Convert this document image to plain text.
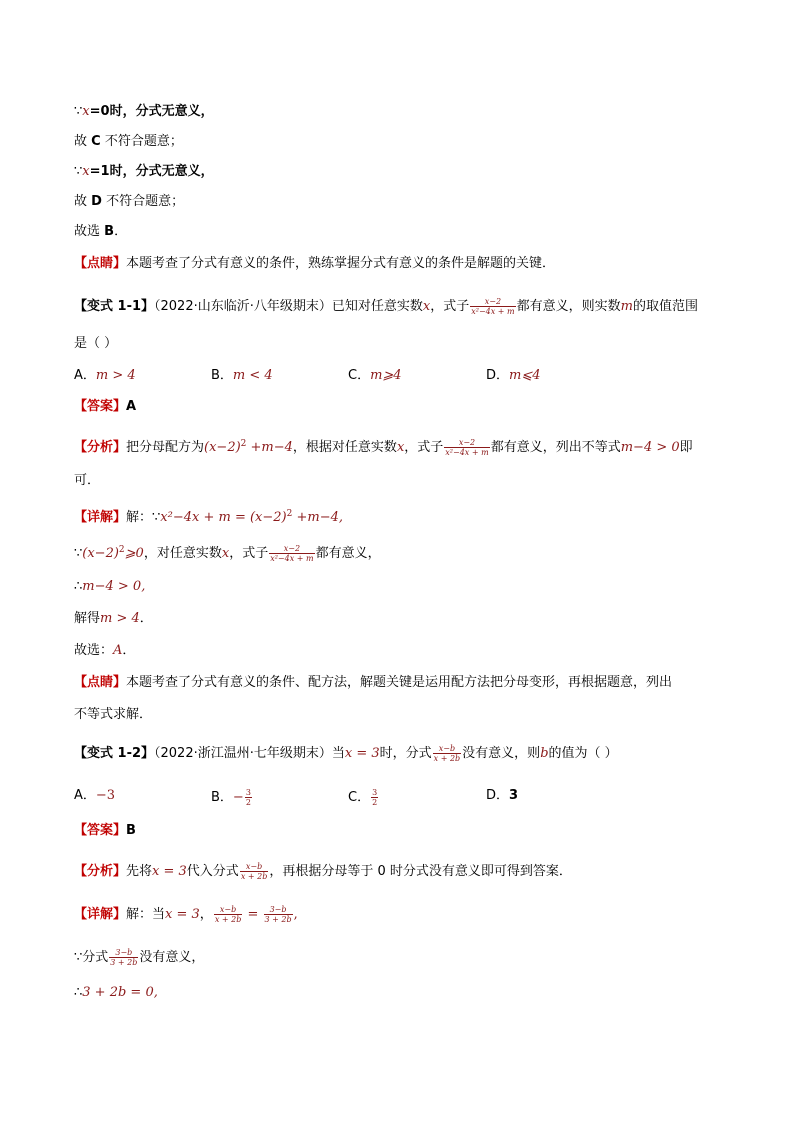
∵x=0时，分式无意义，
故 C 不符合题意；
∵x=1时，分式无意义，
故 D 不符合题意；
故选 B．
【点睛】本题考查了分式有意义的条件，熟练掌握分式有意义的条件是解题的关键．
【变式 1-1】（2022·山东临沂·八年级期末）已知对任意实数x，式子 $\frac{x-2}{\text{x²−4x + m}}$ 都有意义，则实数m的取值范围
是（ ）
A．m > 4	B．m < 4	C．m⩾4	D．m⩽4
【答案】A
【分析】把分母配方为$(x-2)^2 +m-4$，根据对任意实数x，式子 $\frac{x-2}{\text{x²−4x + m}}$ 都有意义，列出不等式m−4 > 0即
可．
【详解】解：∵x²−4x + $m = (x-2)^2 +m-4$,
$\because(x-2)^2⩾0$，对任意实数x，式子 $\frac{x-2}{\text{x²−4x + m}}$ 都有意义，
∴m−4 > 0,
解得m > 4．
故选：A．
【点睛】本题考查了分式有意义的条件、配方法，解题关键是运用配方法把分母变形，再根据题意，列出
不等式求解．
【变式 1-2】（2022·浙江温州·七年级期末）当x = 3时，分式 $\frac{x-b}{x + 2b}$ 没有意义，则b的值为（ ）
A．−3	B．− $\frac{3}{2}$	C． $\frac{3}{2}$	D．3
【答案】B
【分析】先将x = 3代入分式 $\frac{x-b}{x + 2b}$ ，再根据分母等于 0 时分式没有意义即可得到答案．
【详解】解：当x = 3， $\frac{x-b}{x + 2b} = \frac{3-b}{3 + 2b}$ ,
∵分式 $\frac{3-b}{3 + 2b}$ 没有意义，
∴3 + 2b = 0,
